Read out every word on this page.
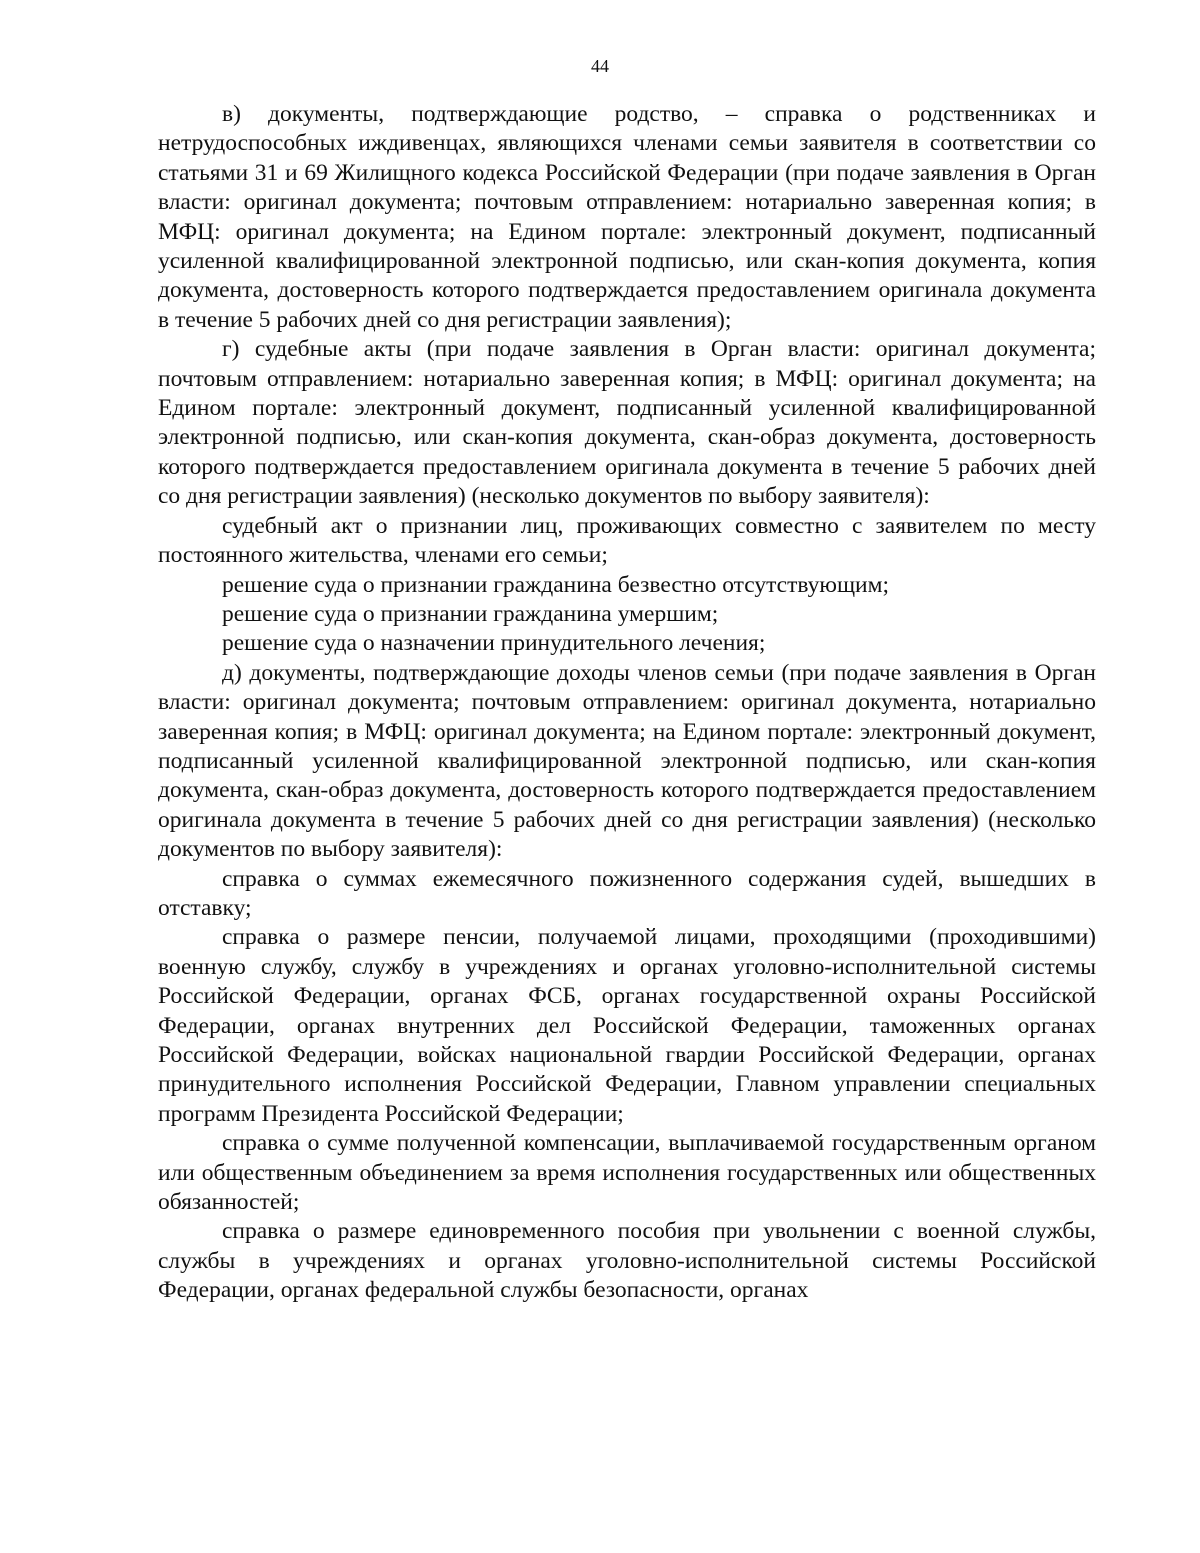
44

в) документы, подтверждающие родство, – справка о родственниках и нетрудоспособных иждивенцах, являющихся членами семьи заявителя в соответствии со статьями 31 и 69 Жилищного кодекса Российской Федерации (при подаче заявления в Орган власти: оригинал документа; почтовым отправлением: нотариально заверенная копия; в МФЦ: оригинал документа; на Едином портале: электронный документ, подписанный усиленной квалифицированной электронной подписью, или скан-копия документа, копия документа, достоверность которого подтверждается предоставлением оригинала документа в течение 5 рабочих дней со дня регистрации заявления);

г) судебные акты (при подаче заявления в Орган власти: оригинал документа; почтовым отправлением: нотариально заверенная копия; в МФЦ: оригинал документа; на Едином портале: электронный документ, подписанный усиленной квалифицированной электронной подписью, или скан-копия документа, скан-образ документа, достоверность которого подтверждается предоставлением оригинала документа в течение 5 рабочих дней со дня регистрации заявления) (несколько документов по выбору заявителя):

судебный акт о признании лиц, проживающих совместно с заявителем по месту постоянного жительства, членами его семьи;

решение суда о признании гражданина безвестно отсутствующим;

решение суда о признании гражданина умершим;

решение суда о назначении принудительного лечения;

д) документы, подтверждающие доходы членов семьи (при подаче заявления в Орган власти: оригинал документа; почтовым отправлением: оригинал документа, нотариально заверенная копия; в МФЦ: оригинал документа; на Едином портале: электронный документ, подписанный усиленной квалифицированной электронной подписью, или скан-копия документа, скан-образ документа, достоверность которого подтверждается предоставлением оригинала документа в течение 5 рабочих дней со дня регистрации заявления) (несколько документов по выбору заявителя):

справка о суммах ежемесячного пожизненного содержания судей, вышедших в отставку;

справка о размере пенсии, получаемой лицами, проходящими (проходившими) военную службу, службу в учреждениях и органах уголовно-исполнительной системы Российской Федерации, органах ФСБ, органах государственной охраны Российской Федерации, органах внутренних дел Российской Федерации, таможенных органах Российской Федерации, войсках национальной гвардии Российской Федерации, органах принудительного исполнения Российской Федерации, Главном управлении специальных программ Президента Российской Федерации;

справка о сумме полученной компенсации, выплачиваемой государственным органом или общественным объединением за время исполнения государственных или общественных обязанностей;

справка о размере единовременного пособия при увольнении с военной службы, службы в учреждениях и органах уголовно-исполнительной системы Российской Федерации, органах федеральной службы безопасности, органах
